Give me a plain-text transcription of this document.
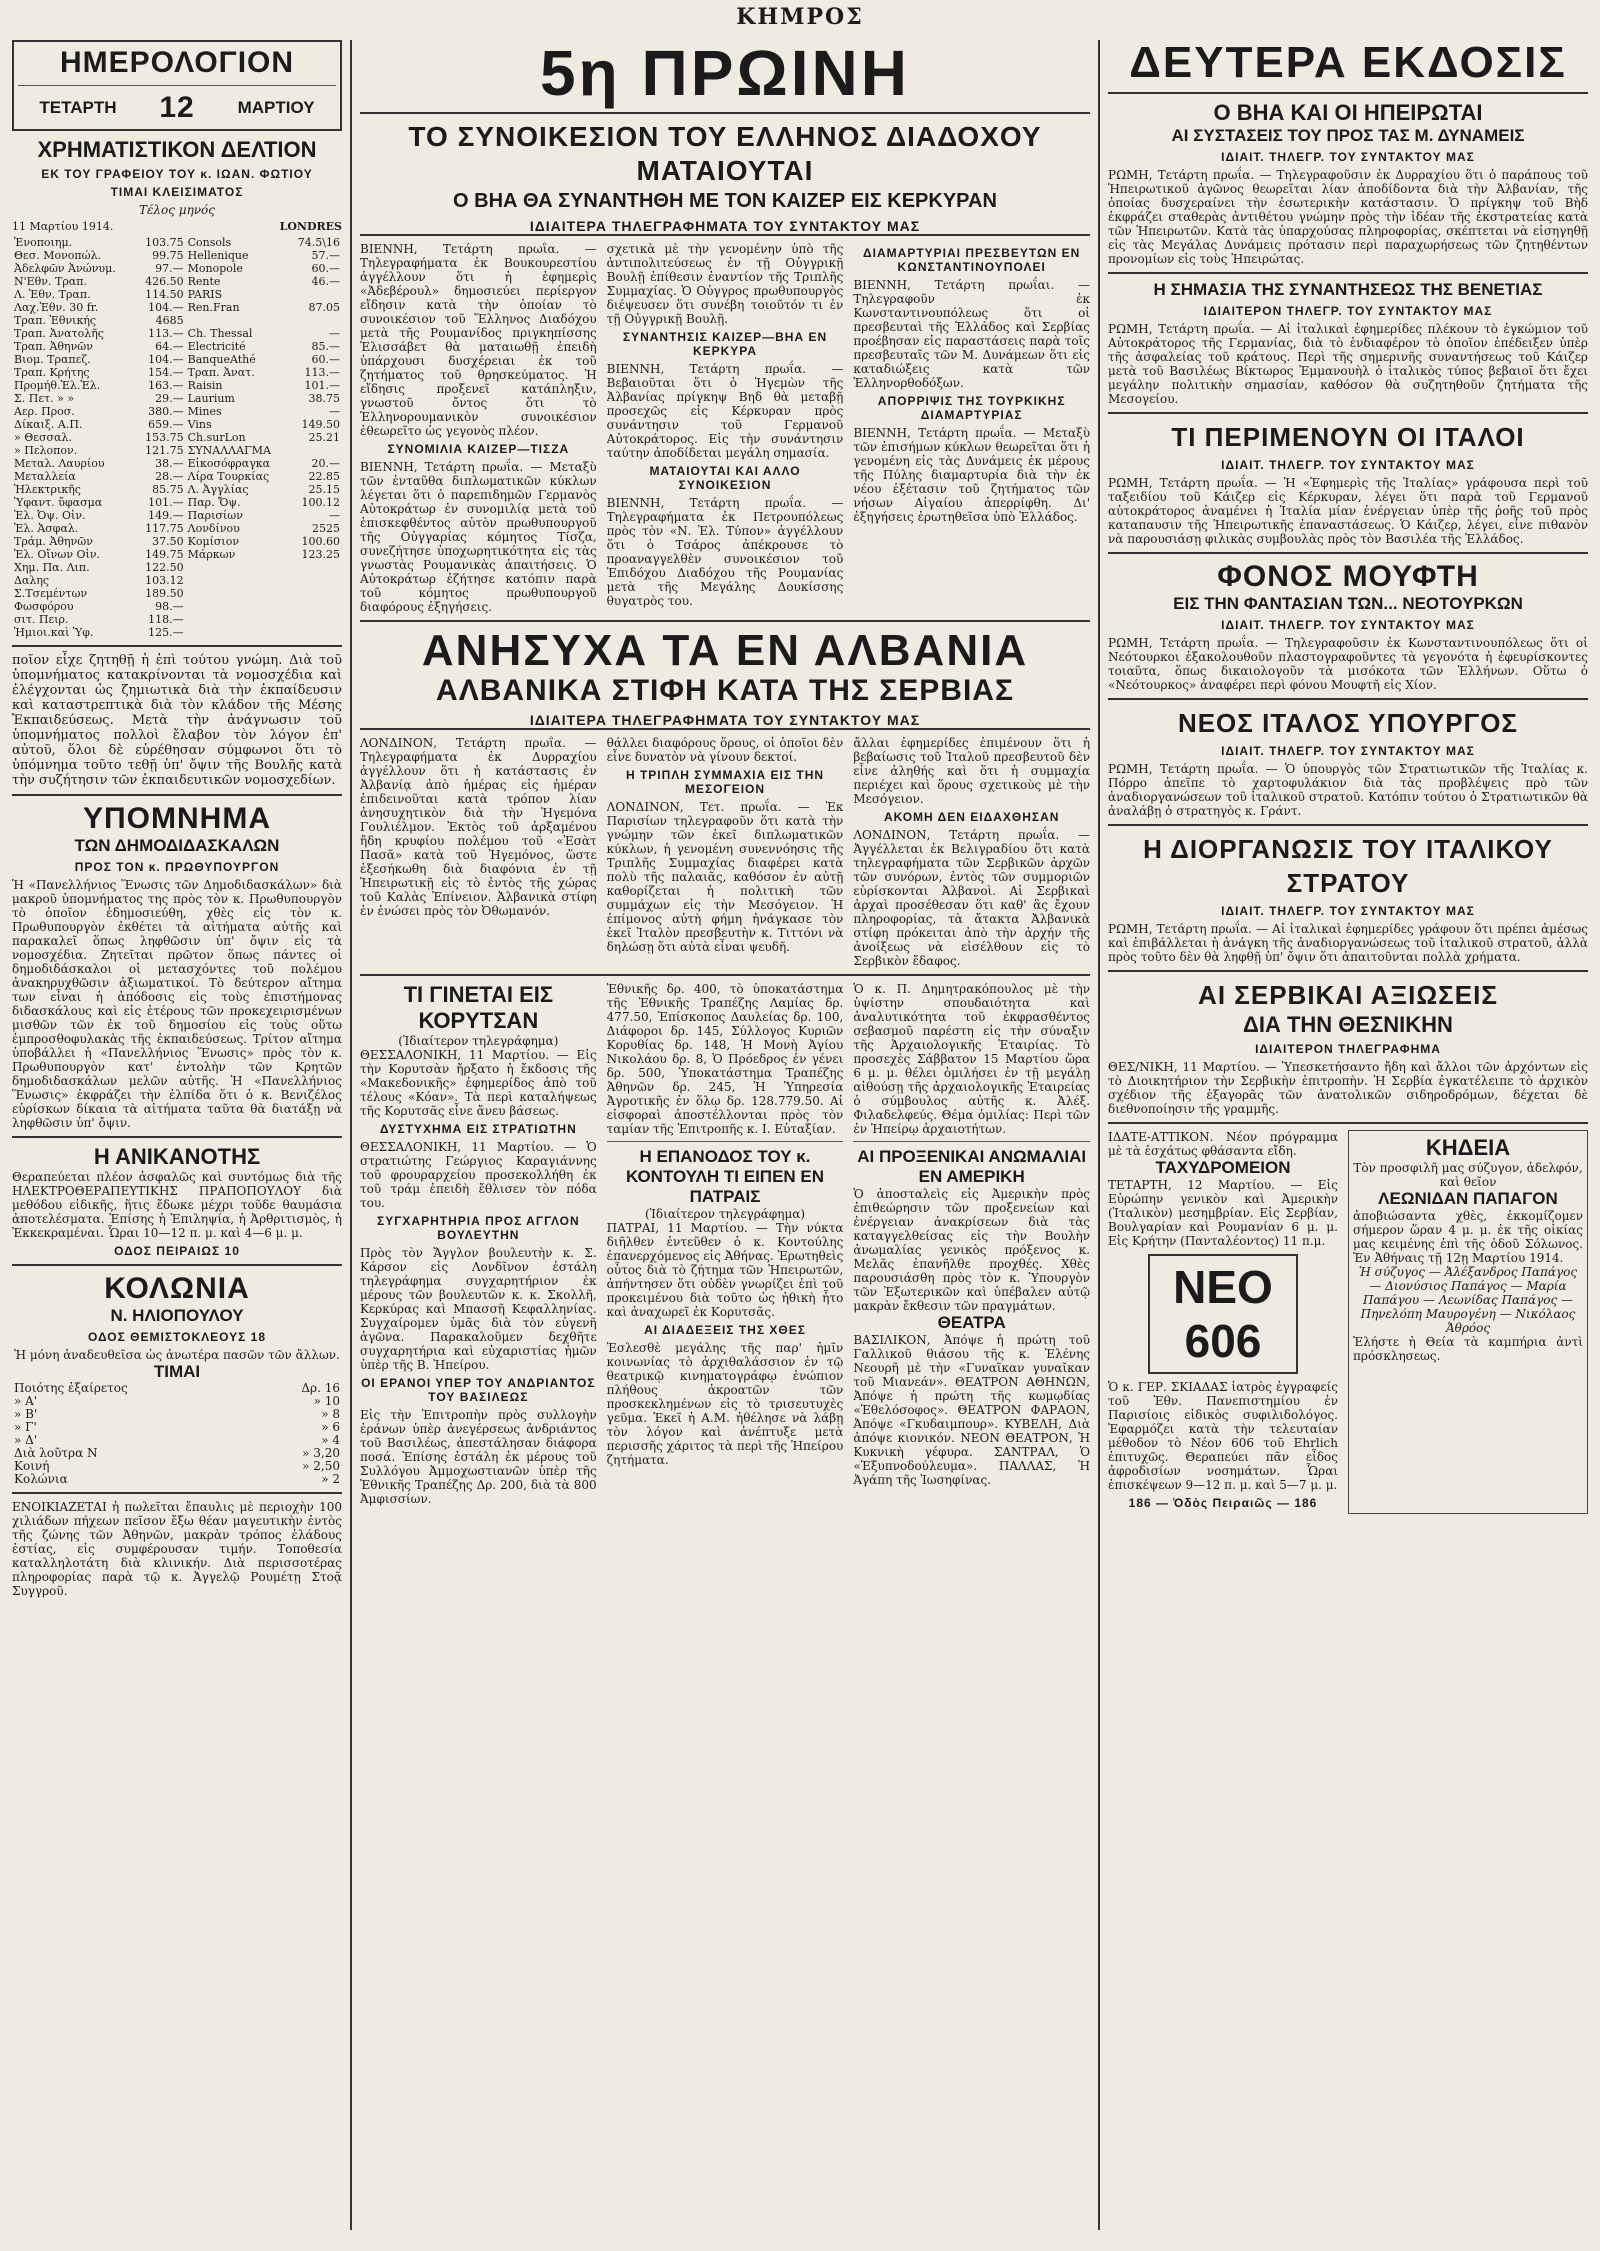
ΚΗΜΡΟΣ
ΗΜΕΡΟΛΟΓΙΟΝ
ΤΕΤΑΡΤΗ 12	ΜΑΡΤΙΟΥ
ΧΡΗΜΑΤΙΣΤΙΚΟΝ ΔΕΛΤΙΟΝ
ΕΚ ΤΟΥ ΓΡΑΦΕΙΟΥ ΤΟΥ κ. ΙΩΑΝ. ΦΩΤΙΟΥ
ΤΙΜΑΙ ΚΛΕΙΣΙΜΑΤΟΣ
Τέλος μηνός
11 Μαρτίου 1914.	LONDRES
Ἐνοποιημ.	103.75	Consols	74.5\16
Θεσ. Μονοπώλ.	99.75	Hellenique	57.—
Ἀδελφῶν Ἀνώνυμ.	97.—	Monopole	60.—
Ν'Εθν. Τραπ.	426.50	Rente	46.—
Λ. Ἐθν. Τραπ.	114.50	PARIS	
Λαχ.Ἐθν. 30 fr.	104.—	Ren.Fran	87.05
Τραπ. Ἐθνικής	4685		
Τραπ. Ἀνατολῆς	113.—	Ch. Thessal	—
Τραπ. Ἀθηνῶν	64.—	Electricité	85.—
Βιομ. Τραπεζ.	104.—	BanqueAthé	60.—
Τραπ. Κρήτης	154.—	Τραπ. Ἀνατ.	113.—
Προμήθ.Ἐλ.Ἐλ.	163.—	Raisin	101.—
Σ. Πετ. » »	29.—	Laurium	38.75
Αερ. Προσ.	380.—	Mines	—
Δίκαιξ. Α.Π.	659.—	Vins	149.50
» Θεσσαλ.	153.75	Ch.surLon	25.21
» Πελοπον.	121.75	ΣΥΝΑΛΛΑΓΜΑ	
Μεταλ. Λαυρίου	38.—	Εἰκοσόφραγκα	20.—
Μεταλλεία	28.—	Λίρα Τουρκίας	22.85
Ἡλεκτρικῆς	85.75	Λ. Ἀγγλίας	25.15
Ὑφαντ. ὕφασμα	101.—	Παρ. Ὄψ.	100.12
Ἐλ. Ὀψ. Οἰν.	149.—	Παρισίων	—
Ἐλ. Ἀσφαλ.	117.75	Λονδίνου	2525
Τράμ. Ἀθηνῶν	37.50	Κομίσιον	100.60
Ἐλ. Οἴνων Οἰν.	149.75	Μάρκων	123.25
Χημ. Πα. Λιπ.	122.50		
Δαλης	103.12		
Σ.Τσεμέντων	189.50		
Φωσφόρου	98.—		
σιτ. Πειρ.	118.—		
Ἡμιοι.καὶ Ὑφ.	125.—		

ποῖον εἶχε ζητηθῇ ἡ ἐπὶ τούτου γνώμη. Διὰ τοῦ ὑπομνήματος κατακρίνονται τὰ νομοσχέδια καὶ ἐλέγχονται ὡς ζημιωτικὰ διὰ τὴν ἐκπαίδευσιν καὶ καταστρεπτικὰ διὰ τὸν κλάδον τῆς Μέσης Ἐκπαιδεύσεως. Μετὰ τὴν ἀνάγνωσιν τοῦ ὑπομνήματος πολλοὶ ἔλαβον τὸν λόγον ἐπ' αὐτοῦ, ὅλοι δὲ εὑρέθησαν σύμφωνοι ὅτι τὸ ὑπόμνημα τοῦτο τεθῇ ὑπ' ὄψιν τῆς Βουλῆς κατὰ τὴν συζήτησιν τῶν ἐκπαιδευτικῶν νομοσχεδίων.

ΥΠΟΜΝΗΜΑ
ΤΩΝ ΔΗΜΟΔΙΔΑΣΚΑΛΩΝ
ΠΡΟΣ ΤΟΝ κ. ΠΡΩΘΥΠΟΥΡΓΟΝ

Ἡ «Πανελλήνιος Ἕνωσις τῶν Δημοδιδασκάλων» διὰ μακροῦ ὑπομνήματος της πρὸς τὸν κ. Πρωθυπουργὸν τὸ ὁποῖον ἐδημοσιεύθη, χθὲς εἰς τὸν κ. Πρωθυπουργὸν ἐκθέτει τὰ αἰτήματα αὐτῆς καὶ παρακαλεῖ ὅπως ληφθῶσιν ὑπ' ὄψιν εἰς τὰ νομοσχέδια. Ζητεῖται πρῶτον ὅπως πάντες οἱ δημοδιδάσκαλοι οἱ μετασχόντες τοῦ πολέμου ἀνακηρυχθῶσιν ἀξιωματικοί. Τὸ δεύτερον αἴτημα των εἶναι ἡ ἀπόδοσις εἰς τοὺς ἐπιστήμονας διδασκάλους καὶ εἰς ἑτέρους τῶν προκεχειρισμένων μισθῶν τῶν ἐκ τοῦ δημοσίου εἰς τοὺς οὕτω ἐμπροσθοφυλακὰς τῆς ἐκπαιδεύσεως. Τρίτον αἴτημα ὑποβάλλει ἡ «Πανελλήνιος Ἕνωσις» πρὸς τὸν κ. Πρωθυπουργὸν κατ' ἐντολὴν τῶν Κρητῶν δημοδιδασκάλων μελῶν αὐτῆς. Ἡ «Πανελλήνιος Ἕνωσις» ἐκφράζει τὴν ἐλπίδα ὅτι ὁ κ. Βενιζέλος εὑρίσκων δίκαια τὰ αἰτήματα ταῦτα θὰ διατάξῃ νὰ ληφθῶσιν ὑπ' ὄψιν.

Η ΑΝΙΚΑΝΟΤΗΣ

Θεραπεύεται πλέον ἀσφαλῶς καὶ συντόμως διὰ τῆς ΗΛΕΚΤΡΟΘΕΡΑΠΕΥΤΙΚΗΣ ΠΡΑΠΟΠΟΥΛΟΥ διὰ μεθόδου εἰδικῆς, ἥτις ἔδωκε μέχρι τοῦδε θαυμάσια ἀποτελέσματα. Ἐπίσης ἡ Ἐπιληψία, ἡ Ἀρθριτισμὸς, ἡ Ἐκκεκραμέναι. Ὧραι 10—12 π. μ. καὶ 4—6 μ. μ.

ΟΔΟΣ ΠΕΙΡΑΙΩΣ 10
ΚΟΛΩΝΙΑ
Ν. ΗΛΙΟΠΟΥΛΟΥ
ΟΔΟΣ ΘΕΜΙΣΤΟΚΛΕΟΥΣ 18

Ἡ μόνη ἀναδευθεῖσα ὡς ἀνωτέρα πασῶν τῶν ἄλλων.

ΤΙΜΑΙ
Ποιότης ἐξαίρετος	Δρ. 16
» Α'	» 10
» Β'	» 8
» Γ'	» 6
» Δ'	» 4
Διὰ λοῦτρα Ν	» 3,20
Κοινή	» 2,50
Κολώνια	» 2

ΕΝΟΙΚΙΑΖΕΤΑΙ ἡ πωλεῖται ἔπαυλις μὲ περιοχὴν 100 χιλιάδων πήχεων πεῖσον ἔξω θέαν μαγευτικὴν ἐντὸς τῆς ζώνης τῶν Ἀθηνῶν, μακρὰν τρόπος ἐλάδους ἑστίας, εἰς συμφέρουσαν τιμήν. Τοποθεσία καταλληλοτάτη διὰ κλινικήν. Διὰ περισσοτέρας πληροφορίας παρὰ τῷ κ. Ἀγγελῷ Ρουμέτῃ Στοᾷ Συγγροῦ.

5η ΠΡΩΙΝΗ
ΤΟ ΣΥΝΟΙΚΕΣΙΟΝ ΤΟΥ ΕΛΛΗΝΟΣ ΔΙΑΔΟΧΟΥ ΜΑΤΑΙΟΥΤΑΙ
Ο ΒΗΑ ΘΑ ΣΥΝΑΝΤΗΘΗ ΜΕ ΤΟΝ ΚΑΙΖΕΡ ΕΙΣ ΚΕΡΚΥΡΑΝ
ΙΔΙΑΙΤΕΡΑ ΤΗΛΕΓΡΑΦΗΜΑΤΑ ΤΟΥ ΣΥΝΤΑΚΤΟΥ ΜΑΣ

ΒΙΕΝΝΗ, Τετάρτη πρωΐα. — Τηλεγραφήματα ἐκ Βουκουρεστίου ἀγγέλλουν ὅτι ἡ ἐφημερὶς «Ἀδεβέρουλ» δημοσιεύει περίεργον εἴδησιν κατὰ τὴν ὁποίαν τὸ συνοικέσιον τοῦ Ἕλληνος Διαδόχου μετὰ τῆς Ρουμανίδος πριγκηπίσσης Ἐλισσάβετ θὰ ματαιωθῇ ἐπειδὴ ὑπάρχουσι δυσχέρειαι ἐκ τοῦ ζητήματος τοῦ θρησκεύματος. Ἡ εἴδησις προξενεῖ κατάπληξιν, γνωστοῦ ὄντος ὅτι τὸ Ἑλληνορουμανικὸν συνοικέσιον ἐθεωρεῖτο ὡς γεγονὸς πλέον.

ΣΥΝΟΜΙΛΙΑ ΚΑΙΖΕΡ—ΤΙΣΖΑ

ΒΙΕΝΝΗ, Τετάρτη πρωΐα. — Μεταξὺ τῶν ἐνταῦθα διπλωματικῶν κύκλων λέγεται ὅτι ὁ παρεπιδημῶν Γερμανὸς Αὐτοκράτωρ ἐν συνομιλίᾳ μετὰ τοῦ ἐπισκεφθέντος αὐτὸν πρωθυπουργοῦ τῆς Οὐγγαρίας κόμητος Τίσζα, συνεζήτησε ὑποχωρητικότητα εἰς τὰς γνωστὰς Ρουμανικὰς ἀπαιτήσεις. Ὁ Αὐτοκράτωρ ἐζήτησε κατόπιν παρὰ τοῦ κόμητος πρωθυπουργοῦ διαφόρους ἐξηγήσεις.

σχετικὰ μὲ τὴν γενομένην ὑπὸ τῆς ἀντιπολιτεύσεως ἐν τῇ Οὐγγρικῇ Βουλῇ ἐπίθεσιν ἐναντίον τῆς Τριπλῆς Συμμαχίας. Ὁ Οὐγγρος πρωθυπουργὸς διέψευσεν ὅτι συνέβη τοιοῦτόν τι ἐν τῇ Οὐγγρικῇ Βουλῇ.

ΣΥΝΑΝΤΗΣΙΣ ΚΑΙΖΕΡ—ΒΗΑ ΕΝ ΚΕΡΚΥΡΑ

ΒΙΕΝΝΗ, Τετάρτη πρωΐα. — Βεβαιοῦται ὅτι ὁ Ἡγεμὼν τῆς Ἀλβανίας πρίγκηψ Βηδ θὰ μεταβῇ προσεχῶς εἰς Κέρκυραν πρὸς συνάντησιν τοῦ Γερμανοῦ Αὐτοκράτορος. Εἰς τὴν συνάντησιν ταύτην ἀποδίδεται μεγάλη σημασία.

ΜΑΤΑΙΟΥΤΑΙ ΚΑΙ ΑΛΛΟ ΣΥΝΟΙΚΕΣΙΟΝ

ΒΙΕΝΝΗ, Τετάρτη πρωΐα. — Τηλεγραφήματα ἐκ Πετρουπόλεως πρὸς τὸν «Ν. Ἐλ. Τύπον» ἀγγέλλουν ὅτι ὁ Τσάρος ἀπέκρουσε τὸ προαναγγελθὲν συνοικέσιον τοῦ Ἐπιδόχου Διαδόχου τῆς Ρουμανίας μετὰ τῆς Μεγάλης Δουκίσσης θυγατρὸς του.

ΔΙΑΜΑΡΤΥΡΙΑΙ ΠΡΕΣΒΕΥΤΩΝ ΕΝ ΚΩΝΣΤΑΝΤΙΝΟΥΠΟΛΕΙ

ΒΙΕΝΝΗ, Τετάρτη πρωΐαι. — Τηλεγραφοῦν ἐκ Κωνσταντινουπόλεως ὅτι οἱ πρεσβευταὶ τῆς Ἑλλάδος καὶ Σερβίας προέβησαν εἰς παραστάσεις παρὰ τοῖς πρεσβευταῖς τῶν Μ. Δυνάμεων ὅτι εἰς καταδιώξεις κατὰ τῶν Ἑλληνορθοδόξων.

ΑΠΟΡΡΙΨΙΣ ΤΗΣ ΤΟΥΡΚΙΚΗΣ ΔΙΑΜΑΡΤΥΡΙΑΣ

ΒΙΕΝΝΗ, Τετάρτη πρωΐα. — Μεταξὺ τῶν ἐπισήμων κύκλων θεωρεῖται ὅτι ἡ γενομένη εἰς τὰς Δυνάμεις ἐκ μέρους τῆς Πύλης διαμαρτυρία διὰ τὴν ἐκ νέου ἐξέτασιν τοῦ ζητήματος τῶν νήσων Αἰγαίου ἀπερρίφθη. Δι' ἐξηγήσεις ἐρωτηθεῖσα ὑπὸ Ἐλλάδος.

ΑΝΗΣΥΧΑ ΤΑ ΕΝ ΑΛΒΑΝΙΑ
ΑΛΒΑΝΙΚΑ ΣΤΙΦΗ ΚΑΤΑ ΤΗΣ ΣΕΡΒΙΑΣ
ΙΔΙΑΙΤΕΡΑ ΤΗΛΕΓΡΑΦΗΜΑΤΑ ΤΟΥ ΣΥΝΤΑΚΤΟΥ ΜΑΣ

ΛΟΝΔΙΝΟΝ, Τετάρτη πρωΐα. — Τηλεγραφήματα ἐκ Δυρραχίου ἀγγέλλουν ὅτι ἡ κατάστασις ἐν Ἀλβανίᾳ ἀπὸ ἡμέρας εἰς ἡμέραν ἐπιδεινοῦται κατὰ τρόπον λίαν ἀνησυχητικὸν διὰ τὴν Ἡγεμόνα Γουλιέλμον. Ἐκτὸς τοῦ ἀρξαμένου ἤδη κρυφίου πολέμου τοῦ «Ἐσὰτ Πασᾶ» κατὰ τοῦ Ἡγεμόνος, ὥστε ἐξεσήκωθη διὰ διαφόνια ἐν τῇ Ἠπειρωτικῇ εἰς τὸ ἐντὸς τῆς χώρας τοῦ Καλὰς Ἐπίνειον. Ἀλβανικὰ στίφη ἐν ἐνώσει πρὸς τὸν Ὀθωμανόν.

θάλλει διαφόρους ὅρους, οἱ ὁποῖοι δὲν εἶνε δυνατὸν νὰ γίνουν δεκτοί.

Η ΤΡΙΠΛΗ ΣΥΜΜΑΧΙΑ ΕΙΣ ΤΗΝ ΜΕΣΟΓΕΙΟΝ

ΛΟΝΔΙΝΟΝ, Τετ. πρωΐα. — Ἐκ Παρισίων τηλεγραφοῦν ὅτι κατὰ τὴν γνώμην τῶν ἐκεῖ διπλωματικῶν κύκλων, ἡ γενομένη συνεννόησις τῆς Τριπλῆς Συμμαχίας διαφέρει κατὰ πολὺ τῆς παλαιᾶς, καθόσον ἐν αὐτῇ καθορίζεται ἡ πολιτικὴ τῶν συμμάχων εἰς τὴν Μεσόγειον. Ἡ ἐπίμονος αὐτὴ φήμη ἠνάγκασε τὸν ἐκεῖ Ἰταλὸν πρεσβευτὴν κ. Τιττόνι νὰ δηλώσῃ ὅτι αὐτὰ εἶναι ψευδῆ.

ἄλλαι ἐφημερίδες ἐπιμένουν ὅτι ἡ βεβαίωσις τοῦ Ἰταλοῦ πρεσβευτοῦ δὲν εἶνε ἀληθής καὶ ὅτι ἡ συμμαχία περιέχει καὶ ὅρους σχετικοὺς μὲ τὴν Μεσόγειον.

ΑΚΟΜΗ ΔΕΝ ΕΙΔΑΧΘΗΣΑΝ

ΛΟΝΔΙΝΟΝ, Τετάρτη πρωΐα. — Ἀγγέλλεται ἐκ Βελιγραδίου ὅτι κατὰ τηλεγραφήματα τῶν Σερβικῶν ἀρχῶν τῶν συνόρων, ἐντὸς τῶν συμμοριῶν εὑρίσκονται Ἀλβανοὶ. Αἱ Σερβικαὶ ἀρχαὶ προσέθεσαν ὅτι καθ' ἃς ἔχουν πληροφορίας, τὰ ἄτακτα Ἀλβανικὰ στίφη πρόκειται ἀπὸ τὴν ἀρχήν τῆς ἀνοίξεως νὰ εἰσέλθουν εἰς τὸ Σερβικὸν ἔδαφος.

ΤΙ ΓΙΝΕΤΑΙ ΕΙΣ ΚΟΡΥΤΣΑΝ
(Ἰδιαίτερον τηλεγράφημα)

ΘΕΣΣΑΛΟΝΙΚΗ, 11 Μαρτίου. — Εἰς τὴν Κορυτσὰν ἤρξατο ἡ ἔκδοσις τῆς «Μακεδονικῆς» ἐφημερίδος ἀπὸ τοῦ τέλους «Κόαν». Τὰ περὶ καταλήψεως τῆς Κορυτσᾶς εἶνε ἄνευ βάσεως.

ΔΥΣΤΥΧΗΜΑ ΕΙΣ ΣΤΡΑΤΙΩΤΗΝ

ΘΕΣΣΑΛΟΝΙΚΗ, 11 Μαρτίου. — Ὁ στρατιώτης Γεώργιος Καραγιάννης τοῦ φρουραρχείου προσεκολλήθη ἐκ τοῦ τράμ ἐπειδὴ ἔθλισεν τὸν πόδα του.

ΣΥΓΧΑΡΗΤΗΡΙΑ ΠΡΟΣ ΑΓΓΛΟΝ ΒΟΥΛΕΥΤΗΝ

Πρὸς τὸν Ἄγγλον βουλευτὴν κ. Σ. Κάρσον εἰς Λονδῖνον ἐστάλη τηλεγράφημα συγχαρητήριον ἐκ μέρους τῶν βουλευτῶν κ. κ. Σκολλῆ, Κερκύρας καὶ Μπασσῆ Κεφαλληνίας. Συγχαίρομεν ὑμᾶς διὰ τὸν εὐγενῆ ἀγῶνα. Παρακαλοῦμεν δεχθῆτε συγχαρητήρια καὶ εὐχαριστίας ἡμῶν ὑπὲρ τῆς Β. Ἠπείρου.

ΟΙ ΕΡΑΝΟΙ ΥΠΕΡ ΤΟΥ ΑΝΔΡΙΑΝΤΟΣ ΤΟΥ ΒΑΣΙΛΕΩΣ

Εἰς τὴν Ἐπιτροπὴν πρὸς συλλογὴν ἐράνων ὑπὲρ ἀνεγέρσεως ἀνδριάντος τοῦ Βασιλέως, ἀπεστάλησαν διάφορα ποσά. Ἐπίσης ἐστάλη ἐκ μέρους τοῦ Συλλόγου Ἀμμοχωστιανῶν ὑπὲρ τῆς Ἐθνικῆς Τραπέζης Δρ. 200, διὰ τὰ 800 Ἀμφισσίων.

Ἐθνικῆς δρ. 400, τὸ ὑποκατάστημα τῆς Ἐθνικῆς Τραπέζης Λαμίας δρ. 477.50, Ἐπίσκοπος Δαυλείας δρ. 100, Διάφοροι δρ. 145, Σύλλογος Κυριῶν Κορυθίας δρ. 148, Ἡ Μονὴ Ἀγίου Νικολάου δρ. 8, Ὁ Πρόεδρος ἐν γένει δρ. 500, Ὑποκατάστημα Τραπέζης Ἀθηνῶν δρ. 245, Ἡ Ὑπηρεσία Ἀγροτικῆς ἐν ὅλῳ δρ. 128.779.50. Αἱ εἰσφοραὶ ἀποστέλλονται πρὸς τὸν ταμίαν τῆς Ἐπιτροπῆς κ. Ι. Εὐταξίαν.

Η ΕΠΑΝΟΔΟΣ ΤΟΥ κ. ΚΟΝΤΟΥΛΗ ΤΙ ΕΙΠΕΝ ΕΝ ΠΑΤΡΑΙΣ
(Ἰδιαίτερον τηλεγράφημα)

ΠΑΤΡΑΙ, 11 Μαρτίου. — Τὴν νύκτα διῆλθεν ἐντεῦθεν ὁ κ. Κοντούλης ἐπανερχόμενος εἰς Ἀθήνας. Ἐρωτηθεὶς οὗτος διὰ τὸ ζήτημα τῶν Ἡπειρωτῶν, ἀπήντησεν ὅτι οὐδὲν γνωρίζει ἐπὶ τοῦ προκειμένου διὰ τοῦτο ὡς ἡθικὴ ἦτο καὶ ἀναχωρεῖ ἐκ Κορυτσᾶς.

ΑΙ ΔΙΑΔΕΞΕΙΣ ΤΗΣ ΧΘΕΣ

Ἐσλεσθὲ μεγάλης τῆς παρ' ἡμῖν κοινωνίας τὸ ἀρχιθαλάσσιον ἐν τῷ θεατρικῷ κινηματογράφῳ ἐνώπιον πλήθους ἀκροατῶν τῶν προσκεκλημένων εἰς τὸ τρισευτυχὲς γεῦμα. Ἐκεῖ ἡ Α.Μ. ἠθέλησε νὰ λάβῃ τὸν λόγον καὶ ἀνέπτυξε μετὰ περισσῆς χάριτος τὰ περὶ τῆς Ἠπείρου ζητήματα.

Ὁ κ. Π. Δημητρακόπουλος μὲ τὴν ὑψίστην σπουδαιότητα καὶ ἀναλυτικότητα τοῦ ἐκφρασθέντος σεβασμοῦ παρέστη εἰς τὴν σύναξιν τῆς Ἀρχαιολογικῆς Ἑταιρίας. Τὸ προσεχὲς Σάββατον 15 Μαρτίου ὥρα 6 μ. μ. θέλει ὁμιλήσει ἐν τῇ μεγάλῃ αἰθούσῃ τῆς ἀρχαιολογικῆς Ἑταιρείας ὁ σύμβουλος αὐτῆς κ. Ἀλέξ. Φιλαδελφεύς. Θέμα ὁμιλίας: Περὶ τῶν ἐν Ἠπείρῳ ἀρχαιοτήτων.

ΑΙ ΠΡΟΞΕΝΙΚΑΙ ΑΝΩΜΑΛΙΑΙ ΕΝ ΑΜΕΡΙΚΗ

Ὁ ἀποσταλεὶς εἰς Ἀμερικὴν πρὸς ἐπιθεώρησιν τῶν προξενείων καὶ ἐνέργειαν ἀνακρίσεων διὰ τὰς καταγγελθείσας εἰς τὴν Βουλὴν ἀνωμαλίας γενικὸς πρόξενος κ. Μελᾶς ἐπανῆλθε προχθές. Χθὲς παρουσιάσθη πρὸς τὸν κ. Ὑπουργὸν τῶν Ἐξωτερικῶν καὶ ὑπέβαλεν αὐτῷ μακρὰν ἔκθεσιν τῶν πραγμάτων.

ΘΕΑΤΡΑ

ΒΑΣΙΛΙΚΟΝ, Ἀπόψε ἡ πρώτη τοῦ Γαλλικοῦ θιάσου τῆς κ. Ἐλένης Νεουρῆ μὲ τὴν «Γυναῖκαν γυναῖκαν τοῦ Μιανεάν». ΘΕΑΤΡΟΝ ΑΘΗΝΩΝ, Ἀπόψε ἡ πρώτη τῆς κωμῳδίας «Ἐθελόσοφος». ΘΕΑΤΡΟΝ ΦΑΡΑΟΝ, Ἀπόψε «Γκυδαιμπουρ». ΚΥΒΕΛΗ, Διὰ ἀπόψε κιονικόν. ΝΕΟΝ ΘΕΑΤΡΟΝ, Ἡ Κυκνικὴ γέφυρα. ΣΑΝΤΡΑΛ, Ὁ «Ἐξυπνοδούλευμα». ΠΑΛΛΑΣ, Ἡ Ἀγάπη τῆς Ἰωσηφίνας.

ΔΕΥΤΕΡΑ ΕΚΔΟΣΙΣ
Ο ΒΗΑ ΚΑΙ ΟΙ ΗΠΕΙΡΩΤΑΙ
ΑΙ ΣΥΣΤΑΣΕΙΣ ΤΟΥ ΠΡΟΣ ΤΑΣ Μ. ΔΥΝΑΜΕΙΣ
ΙΔΙΑΙΤ. ΤΗΛΕΓΡ. ΤΟΥ ΣΥΝΤΑΚΤΟΥ ΜΑΣ

ΡΩΜΗ, Τετάρτη πρωΐα. — Τηλεγραφοῦσιν ἐκ Δυρραχίου ὅτι ὁ παράπους τοῦ Ἡπειρωτικοῦ ἀγῶνος θεωρεῖται λίαν ἀποδίδοντα διὰ τὴν Ἀλβανίαν, τῆς ὁποίας δυσχεραίνει τὴν ἐσωτερικὴν κατάστασιν. Ὁ πρίγκηψ τοῦ Βὴδ ἐκφράζει σταθερὰς ἀντιθέτου γνώμην πρὸς τὴν ἰδέαν τῆς ἐκστρατείας κατὰ τῶν Ἡπειρωτῶν. Κατὰ τὰς ὑπαρχούσας πληροφορίας, σκέπτεται νὰ εἰσηγηθῇ εἰς τὰς Μεγάλας Δυνάμεις πρότασιν περὶ παραχωρήσεως τῶν ζητηθέντων προνομίων εἰς τοὺς Ἠπειρώτας.

Η ΣΗΜΑΣΙΑ ΤΗΣ ΣΥΝΑΝΤΗΣΕΩΣ ΤΗΣ ΒΕΝΕΤΙΑΣ
ΙΔΙΑΙΤΕΡΟΝ ΤΗΛΕΓΡ. ΤΟΥ ΣΥΝΤΑΚΤΟΥ ΜΑΣ

ΡΩΜΗ, Τετάρτη πρωΐα. — Αἱ ἰταλικαὶ ἐφημερίδες πλέκουν τὸ ἐγκώμιον τοῦ Αὐτοκράτορος τῆς Γερμανίας, διὰ τὸ ἐνδιαφέρον τὸ ὁποῖον ἐπέδειξεν ὑπὲρ τῆς ἀσφαλείας τοῦ κράτους. Περὶ τῆς σημερινῆς συναντήσεως τοῦ Κάιζερ μετὰ τοῦ Βασιλέως Βίκτωρος Ἐμμανουὴλ ὁ ἰταλικὸς τύπος βεβαιοῖ ὅτι ἔχει μεγάλην πολιτικὴν σημασίαν, καθόσον θὰ συζητηθοῦν ζητήματα τῆς Μεσογείου.

ΤΙ ΠΕΡΙΜΕΝΟΥΝ ΟΙ ΙΤΑΛΟΙ
ΙΔΙΑΙΤ. ΤΗΛΕΓΡ. ΤΟΥ ΣΥΝΤΑΚΤΟΥ ΜΑΣ

ΡΩΜΗ, Τετάρτη πρωΐα. — Ἡ «Ἐφημερὶς τῆς Ἰταλίας» γράφουσα περὶ τοῦ ταξειδίου τοῦ Κάιζερ εἰς Κέρκυραν, λέγει ὅτι παρὰ τοῦ Γερμανοῦ αὐτοκράτορος ἀναμένει ἡ Ἰταλία μίαν ἐνέργειαν ὑπὲρ τῆς ῥοῆς τοῦ πρὸς καταπαυσιν τῆς Ἡπειρωτικῆς ἐπαναστάσεως. Ὁ Κάιζερ, λέγει, εἶνε πιθανὸν νὰ παρουσιάσῃ φιλικὰς συμβουλὰς πρὸς τὸν Βασιλέα τῆς Ἑλλάδος.

ΦΟΝΟΣ ΜΟΥΦΤΗ
ΕΙΣ ΤΗΝ ΦΑΝΤΑΣΙΑΝ ΤΩΝ... ΝΕΟΤΟΥΡΚΩΝ
ΙΔΙΑΙΤ. ΤΗΛΕΓΡ. ΤΟΥ ΣΥΝΤΑΚΤΟΥ ΜΑΣ

ΡΩΜΗ, Τετάρτη πρωΐα. — Τηλεγραφοῦσιν ἐκ Κωνσταντινουπόλεως ὅτι οἱ Νεότουρκοι ἐξακολουθοῦν πλαστογραφοῦντες τὰ γεγονότα ἡ ἐφευρίσκοντες τοιαῦτα, ὅπως δικαιολογοῦν τὰ μισόκοτα τῶν Ἑλλήνων. Οὕτω ὁ «Νεότουρκος» ἀναφέρει περὶ φόνου Μουφτῆ εἰς Χίον.

ΝΕΟΣ ΙΤΑΛΟΣ ΥΠΟΥΡΓΟΣ
ΙΔΙΑΙΤ. ΤΗΛΕΓΡ. ΤΟΥ ΣΥΝΤΑΚΤΟΥ ΜΑΣ

ΡΩΜΗ, Τετάρτη πρωΐα. — Ὁ ὑπουργὸς τῶν Στρατιωτικῶν τῆς Ἰταλίας κ. Πόρρο ἀπεῖπε τὸ χαρτοφυλάκιον διὰ τὰς προβλέψεις πρὸ τῶν ἀναδιοργανώσεων τοῦ ἰταλικοῦ στρατοῦ. Κατόπιν τούτου ὁ Στρατιωτικῶν θὰ ἀναλάβῃ ὁ στρατηγὸς κ. Γράντ.

Η ΔΙΟΡΓΑΝΩΣΙΣ ΤΟΥ ΙΤΑΛΙΚΟΥ ΣΤΡΑΤΟΥ
ΙΔΙΑΙΤ. ΤΗΛΕΓΡ. ΤΟΥ ΣΥΝΤΑΚΤΟΥ ΜΑΣ

ΡΩΜΗ, Τετάρτη πρωΐα. — Αἱ ἰταλικαὶ ἐφημερίδες γράφουν ὅτι πρέπει ἀμέσως καὶ ἐπιβάλλεται ἡ ἀνάγκη τῆς ἀναδιοργανώσεως τοῦ ἰταλικοῦ στρατοῦ, ἀλλὰ πρὸς τοῦτο δὲν θὰ ληφθῇ ὑπ' ὄψιν ὅτι ἀπαιτοῦνται πολλὰ χρήματα.

ΑΙ ΣΕΡΒΙΚΑΙ ΑΞΙΩΣΕΙΣ
ΔΙΑ ΤΗΝ ΘΕΣΝΙΚΗΝ
ΙΔΙΑΙΤΕΡΟΝ ΤΗΛΕΓΡΑΦΗΜΑ

ΘΕΣ/ΝΙΚΗ, 11 Μαρτίου. — Ὑπεσκετήσαντο ἤδη καὶ ἄλλοι τῶν ἀρχόντων εἰς τὸ Διοικητήριον τὴν Σερβικὴν ἐπιτροπὴν. Ἡ Σερβία ἐγκατέλειπε τὸ ἀρχικὸν σχέδιον τῆς ἐξαγορᾶς τῶν ἀνατολικῶν σιδηροδρόμων, δέχεται δὲ διεθνοποίησιν τῆς γραμμῆς.

ΙΔΑΤΕ-ΑΤΤΙΚΟΝ. Νέον πρόγραμμα μὲ τὰ ἐσχάτως φθάσαντα εἴδη.

ΤΑΧΥΔΡΟΜΕΙΟΝ

ΤΕΤΑΡΤΗ, 12 Μαρτίου. — Εἰς Εὐρώπην γενικὸν καὶ Ἀμερικὴν (Ἰταλικὸν) μεσημβρίαν. Εἰς Σερβίαν, Βουλγαρίαν καὶ Ρουμανίαν 6 μ. μ. Εἰς Κρήτην (Πανταλέοντος) 11 π.μ.

ΝΕΟ 606

Ὁ κ. ΓΕΡ. ΣΚΙΑΔΑΣ ἰατρὸς ἐγγραφείς τοῦ Ἐθν. Πανεπιστημίου ἐν Παρισίοις εἰδικὸς συφιλιδολόγος. Ἐφαρμόζει κατὰ τὴν τελευταίαν μέθοδον τὸ Νέον 606 τοῦ Ehrlich ἐπιτυχῶς. Θεραπεύει πᾶν εἶδος ἀφροδισίων νοσημάτων. Ὧραι ἐπισκέψεων 9—12 π. μ. καὶ 5—7 μ. μ.

186 — Ὁδὸς Πειραιῶς — 186
ΚΗΔΕΙΑ

Τὸν προσφιλῆ μας σύζυγον, ἀδελφόν, καὶ θεῖον

ΛΕΩΝΙΔΑΝ ΠΑΠΑΓΟΝ

ἀποβιώσαντα χθὲς, ἐκκομίζομεν σήμερον ὥραν 4 μ. μ. ἐκ τῆς οἰκίας μας κειμένης ἐπὶ τῆς ὁδοῦ Σόλωνος. Ἐν Ἀθήναις τῇ 12ῃ Μαρτίου 1914.

Ἡ σύζυγος — Ἀλέξανδρος Παπάγος — Διονύσιος Παπάγος — Μαρία Παπάγου — Λεωνίδας Παπάγος — Πηνελόπη Μαυρογένη — Νικόλαος Ἀθρόος

Ἐλήστε ἡ Θεία τὰ καμπήρια ἀντὶ πρόσκλησεως.
